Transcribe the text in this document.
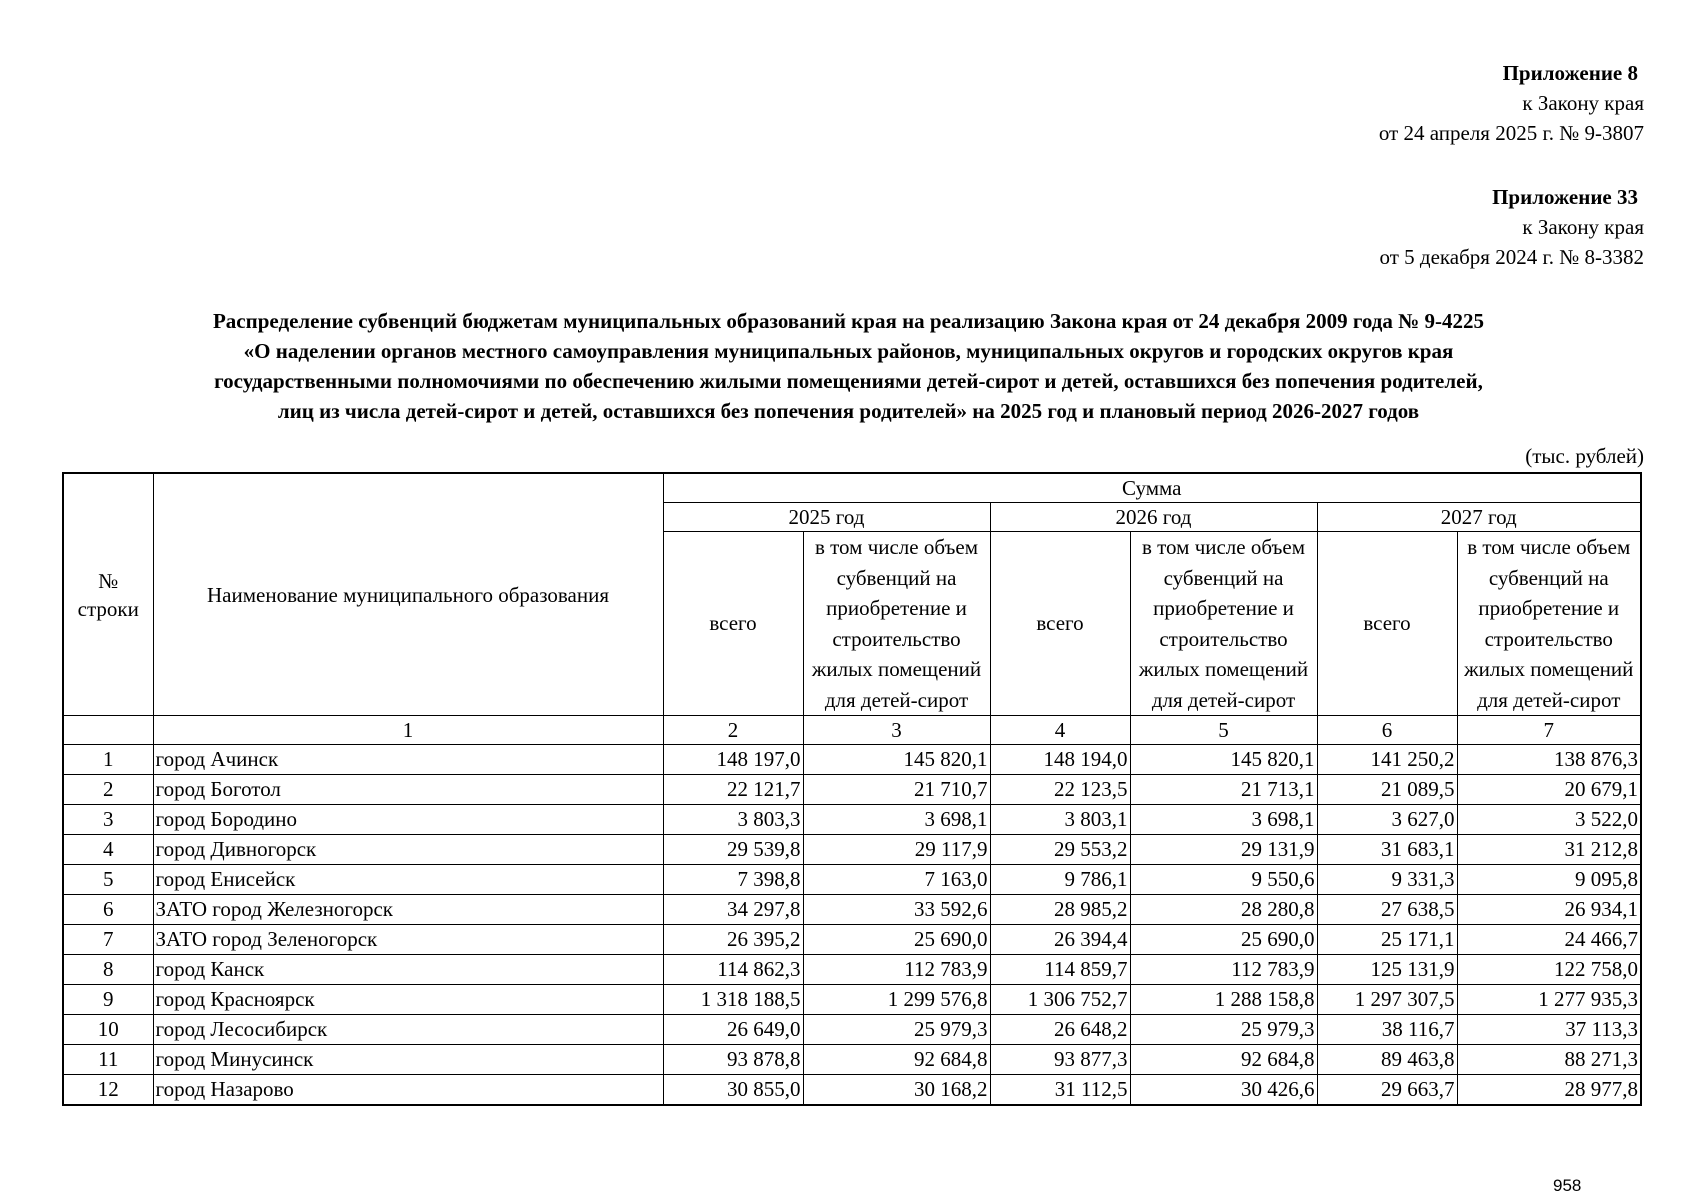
Приложение 8
к Закону края
от 24 апреля 2025 г. № 9-3807
Приложение 33
к Закону края
от 5 декабря 2024 г. № 8-3382
Распределение субвенций бюджетам муниципальных образований края на реализацию Закона края от 24 декабря 2009 года № 9-4225
«О наделении органов местного самоуправления муниципальных районов, муниципальных округов и городских округов края
государственными полномочиями по обеспечению жилыми помещениями детей-сирот и детей, оставшихся без попечения родителей,
лиц из числа детей-сирот и детей, оставшихся без попечения родителей» на 2025 год и плановый период 2026-2027 годов
(тыс. рублей)
№ строки	Наименование муниципального образования	Сумма					
		2025 год		2026 год		2027 год	
		всего	в том числе объем субвенций на приобретение и строительство жилых помещений для детей-сирот	всего	в том числе объем субвенций на приобретение и строительство жилых помещений для детей-сирот	всего	в том числе объем субвенций на приобретение и строительство жилых помещений для детей-сирот
	1	2	3	4	5	6	7
1	город Ачинск	148 197,0	145 820,1	148 194,0	145 820,1	141 250,2	138 876,3
2	город Боготол	22 121,7	21 710,7	22 123,5	21 713,1	21 089,5	20 679,1
3	город Бородино	3 803,3	3 698,1	3 803,1	3 698,1	3 627,0	3 522,0
4	город Дивногорск	29 539,8	29 117,9	29 553,2	29 131,9	31 683,1	31 212,8
5	город Енисейск	7 398,8	7 163,0	9 786,1	9 550,6	9 331,3	9 095,8
6	ЗАТО город Железногорск	34 297,8	33 592,6	28 985,2	28 280,8	27 638,5	26 934,1
7	ЗАТО город Зеленогорск	26 395,2	25 690,0	26 394,4	25 690,0	25 171,1	24 466,7
8	город Канск	114 862,3	112 783,9	114 859,7	112 783,9	125 131,9	122 758,0
9	город Красноярск	1 318 188,5	1 299 576,8	1 306 752,7	1 288 158,8	1 297 307,5	1 277 935,3
10	город Лесосибирск	26 649,0	25 979,3	26 648,2	25 979,3	38 116,7	37 113,3
11	город Минусинск	93 878,8	92 684,8	93 877,3	92 684,8	89 463,8	88 271,3
12	город Назарово	30 855,0	30 168,2	31 112,5	30 426,6	29 663,7	28 977,8
958
